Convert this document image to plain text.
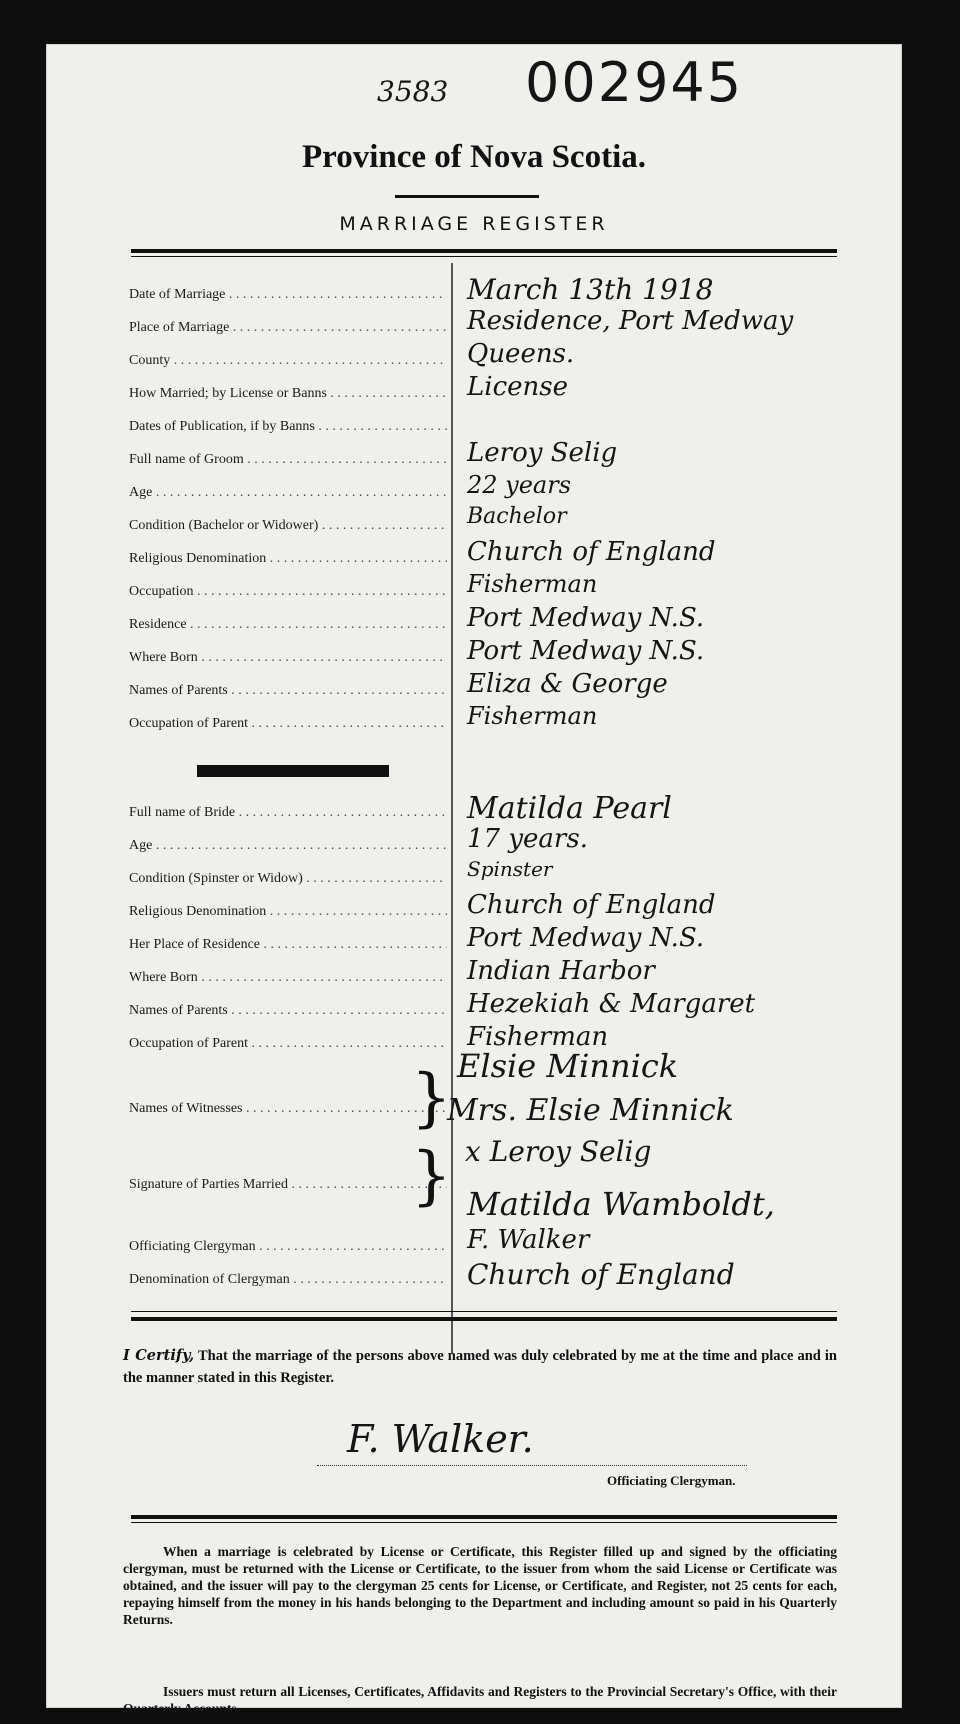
3583 002945
Province of Nova Scotia.
MARRIAGE REGISTER
Date of Marriage . . .	March 13th 1918
Place of Marriage . . .	Residence, Port Medway
County . . .	Queens.
How Married; by License or Banns . . .	License
Dates of Publication, if by Banns . . .
Full name of Groom . . .	Leroy Selig
Age . . .	22 years
Condition (Bachelor or Widower) . . .	Bachelor
Religious Denomination . . .	Church of England
Occupation . . .	Fisherman
Residence . . .	Port Medway N.S.
Where Born . . .	Port Medway N.S.
Names of Parents . . .	Eliza & George
Occupation of Parent . . .	Fisherman
Full name of Bride . . .	Matilda Pearl
Age . . .	17 years.
Condition (Spinster or Widow) . . .	Spinster
Religious Denomination . . .	Church of England
Her Place of Residence . . .	Port Medway N.S.
Where Born . . .	Indian Harbor
Names of Parents . . .	Hezekiah & Margaret
Occupation of Parent . . .	Fisherman
Names of Witnesses . . .
Elsie Minnick
Mrs. Elsie Minnick
}
Signature of Parties Married . . .
x Leroy Selig
Matilda Wamboldt,
}
Officiating Clergyman . . .	F. Walker
Denomination of Clergyman . . .	Church of England
I Certify, That the marriage of the persons above named was duly celebrated by me at the time and place and in the manner stated in this Register.
F. Walker.
Officiating Clergyman.
When a marriage is celebrated by License or Certificate, this Register filled up and signed by the officiating clergyman, must be returned with the License or Certificate, to the issuer from whom the said License or Certificate was obtained, and the issuer will pay to the clergyman 25 cents for License, or Certificate, and Register, not 25 cents for each, repaying himself from the money in his hands belonging to the Department and including amount so paid in his Quarterly Returns.
Issuers must return all Licenses, Certificates, Affidavits and Registers to the Provincial Secretary's Office, with their Quarterly Accounts.
